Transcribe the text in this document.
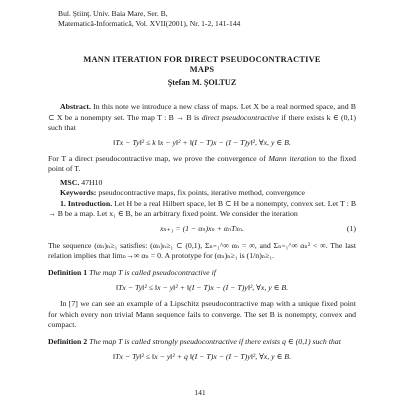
Bul. Ştiinţ. Univ. Baia Mare, Ser. B,
Matematică-Informatică, Vol. XVII(2001), Nr. 1-2, 141-144
MANN ITERATION FOR DIRECT PSEUDOCONTRACTIVE
MAPS
Ştefan M. ŞOLTUZ
Abstract. In this note we introduce a new class of maps. Let X be a real normed space, and B ⊂ X be a nonempty set. The map T : B → B is direct pseudocontractive if there exists k ∈ (0,1) such that
‖Tx − Ty‖² ≤ k ‖x − y‖² + ‖(I − T)x − (I − T)y‖², ∀x, y ∈ B.
For T a direct pseudocontractive map, we prove the convergence of Mann iteration to the fixed point of T.
MSC. 47H10
Keywords: pseudocontractive maps, fix points, iterative method, convergence
1. Introduction. Let H be a real Hilbert space, let B ⊂ H be a nonempty, convex set. Let T : B → B be a map. Let x₁ ∈ B, be an arbitrary fixed point. We consider the iteration
xₙ₊₁ = (1 − αₙ)xₙ + αₙTxₙ.	(1)
The sequence (αₙ)ₙ≥₁ satisfies: (αₙ)ₙ≥₁ ⊂ (0,1), Σₙ₌₁^∞ αₙ = ∞, and Σₙ₌₁^∞ αₙ² < ∞. The last relation implies that limₙ→∞ αₙ = 0. A prototype for (αₙ)ₙ≥₁ is (1/n)ₙ≥₁.
Definition 1 The map T is called pseudocontractive if
‖Tx − Ty‖² ≤ ‖x − y‖² + ‖(I − T)x − (I − T)y‖², ∀x, y ∈ B.
In [7] we can see an example of a Lipschitz pseudocontractive map with a unique fixed point for which every non trivial Mann sequence fails to converge. The set B is nonempty, convex and compact.
Definition 2 The map T is called strongly pseudocontractive if there exists q ∈ (0,1) such that
‖Tx − Ty‖² ≤ ‖x − y‖² + q ‖(I − T)x − (I − T)y‖², ∀x, y ∈ B.
141
